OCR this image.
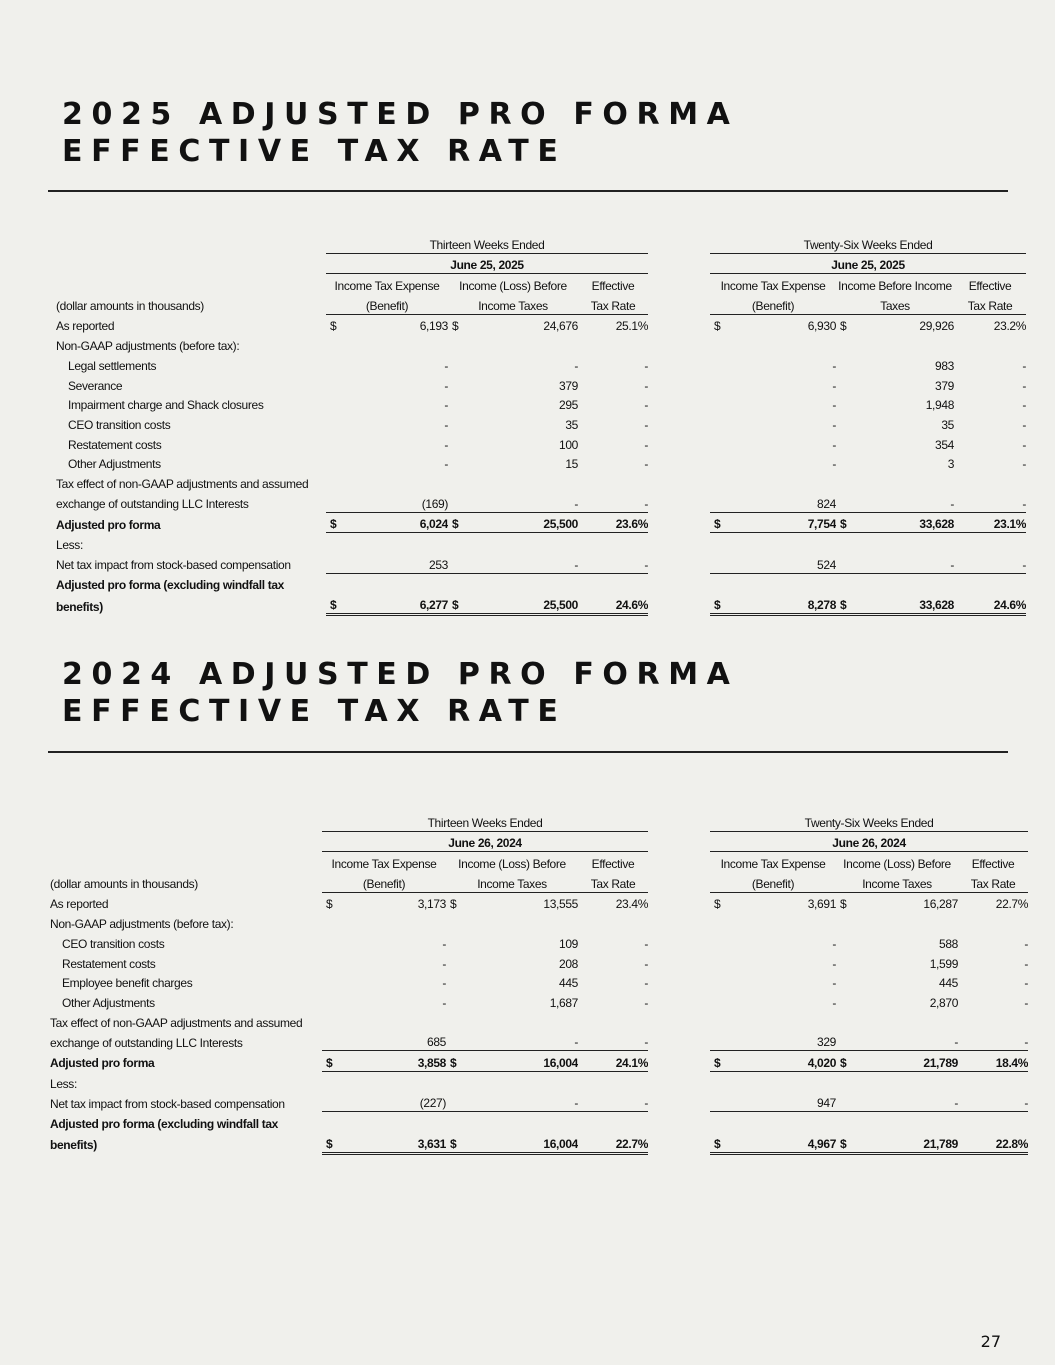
2025 ADJUSTED PRO FORMA EFFECTIVE TAX RATE
	Thirteen Weeks Ended						Twenty-Six Weeks Ended				
	June 25, 2025						June 25, 2025				
	Income Tax Expense		Income (Loss) Before		Effective		Income Tax Expense		Income Before Income		Effective
(dollar amounts in thousands)	(Benefit)		Income Taxes		Tax Rate		(Benefit)		Taxes		Tax Rate
As reported	$	6,193	$	24,676	25.1%		$	6,930	$	29,926	23.2%
Non-GAAP adjustments (before tax):											
Legal settlements		-		-	-			-		983	-
Severance		-		379	-			-		379	-
Impairment charge and Shack closures		-		295	-			-		1,948	-
CEO transition costs		-		35	-			-		35	-
Restatement costs		-		100	-			-		354	-
Other Adjustments		-		15	-			-		3	-
Tax effect of non-GAAP adjustments and assumed											
exchange of outstanding LLC Interests		(169)		-	-			824		-	-
Adjusted pro forma	$	6,024	$	25,500	23.6%		$	7,754	$	33,628	23.1%
Less:											
Net tax impact from stock-based compensation		253		-	-			524		-	-
Adjusted pro forma (excluding windfall tax											
benefits)	$	6,277	$	25,500	24.6%		$	8,278	$	33,628	24.6%
2024 ADJUSTED PRO FORMA EFFECTIVE TAX RATE
	Thirteen Weeks Ended						Twenty-Six Weeks Ended				
	June 26, 2024						June 26, 2024				
	Income Tax Expense		Income (Loss) Before		Effective		Income Tax Expense		Income (Loss) Before		Effective
(dollar amounts in thousands)	(Benefit)		Income Taxes		Tax Rate		(Benefit)		Income Taxes		Tax Rate
As reported	$	3,173	$	13,555	23.4%		$	3,691	$	16,287	22.7%
Non-GAAP adjustments (before tax):											
CEO transition costs		-		109	-			-		588	-
Restatement costs		-		208	-			-		1,599	-
Employee benefit charges		-		445	-			-		445	-
Other Adjustments		-		1,687	-			-		2,870	-
Tax effect of non-GAAP adjustments and assumed											
exchange of outstanding LLC Interests		685		-	-			329		-	-
Adjusted pro forma	$	3,858	$	16,004	24.1%		$	4,020	$	21,789	18.4%
Less:											
Net tax impact from stock-based compensation		(227)		-	-			947		-	-
Adjusted pro forma (excluding windfall tax											
benefits)	$	3,631	$	16,004	22.7%		$	4,967	$	21,789	22.8%
27
